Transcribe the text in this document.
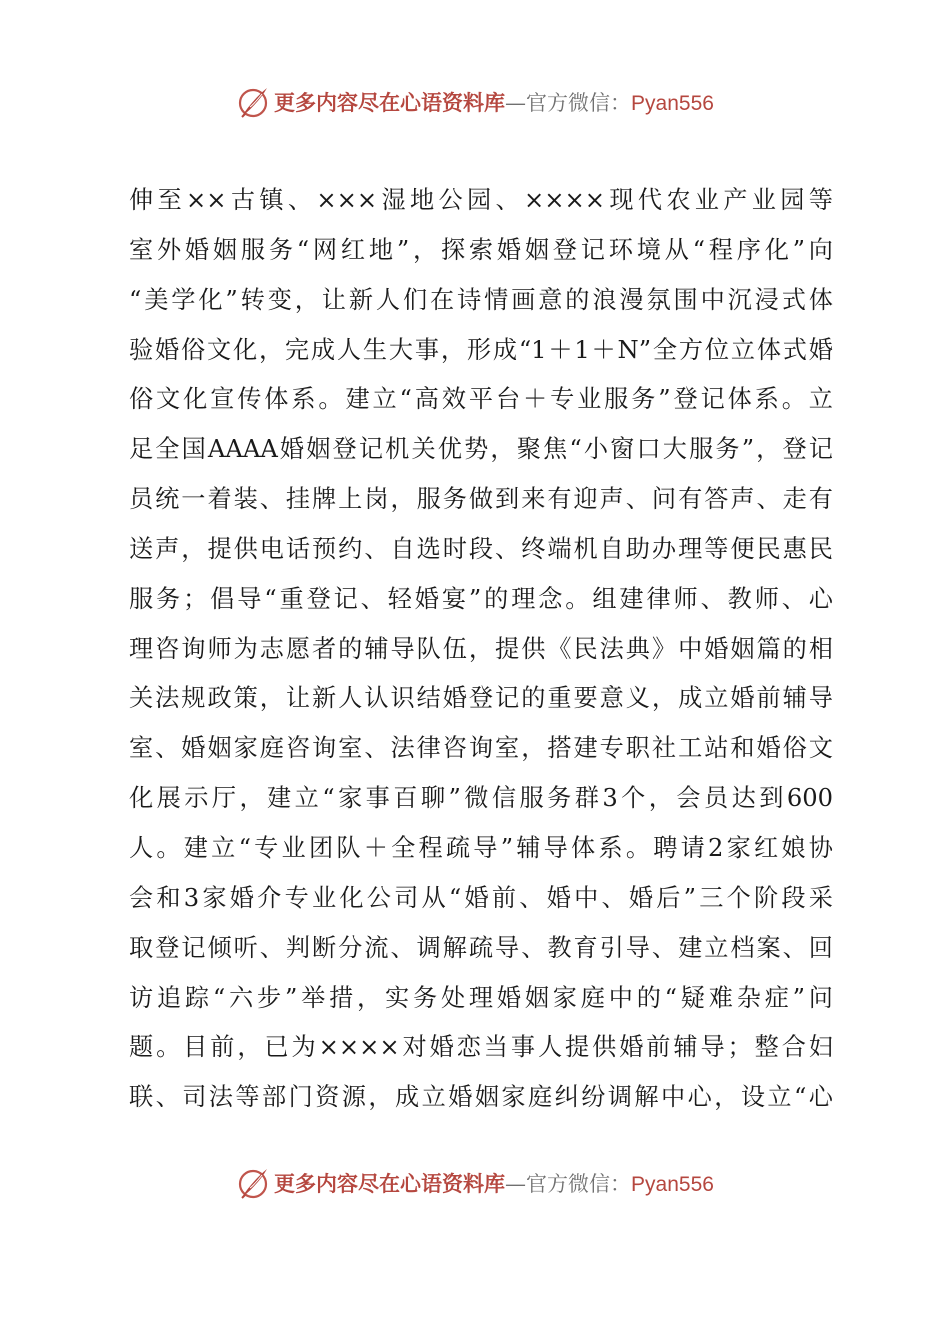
更多内容尽在心语资料库 — 官方微信： Pyan556
伸至××古镇、×××湿地公园、××××现代农业产业园等
室外婚姻服务“网红地”，探索婚姻登记环境从“程序化”向
“美学化”转变，让新人们在诗情画意的浪漫氛围中沉浸式体
验婚俗文化，完成人生大事，形成“1＋1＋N”全方位立体式婚
俗文化宣传体系。建立“高效平台＋专业服务”登记体系。立
足全国AAAA婚姻登记机关优势，聚焦“小窗口大服务”，登记
员统一着装、挂牌上岗，服务做到来有迎声、问有答声、走有
送声，提供电话预约、自选时段、终端机自助办理等便民惠民
服务；倡导“重登记、轻婚宴”的理念。组建律师、教师、心
理咨询师为志愿者的辅导队伍，提供《民法典》中婚姻篇的相
关法规政策，让新人认识结婚登记的重要意义，成立婚前辅导
室、婚姻家庭咨询室、法律咨询室，搭建专职社工站和婚俗文
化展示厅，建立“家事百聊”微信服务群3个，会员达到600
人。建立“专业团队＋全程疏导”辅导体系。聘请2家红娘协
会和3家婚介专业化公司从“婚前、婚中、婚后”三个阶段采
取登记倾听、判断分流、调解疏导、教育引导、建立档案、回
访追踪“六步”举措，实务处理婚姻家庭中的“疑难杂症”问
题。目前，已为××××对婚恋当事人提供婚前辅导；整合妇
联、司法等部门资源，成立婚姻家庭纠纷调解中心，设立“心
更多内容尽在心语资料库 — 官方微信： Pyan556
